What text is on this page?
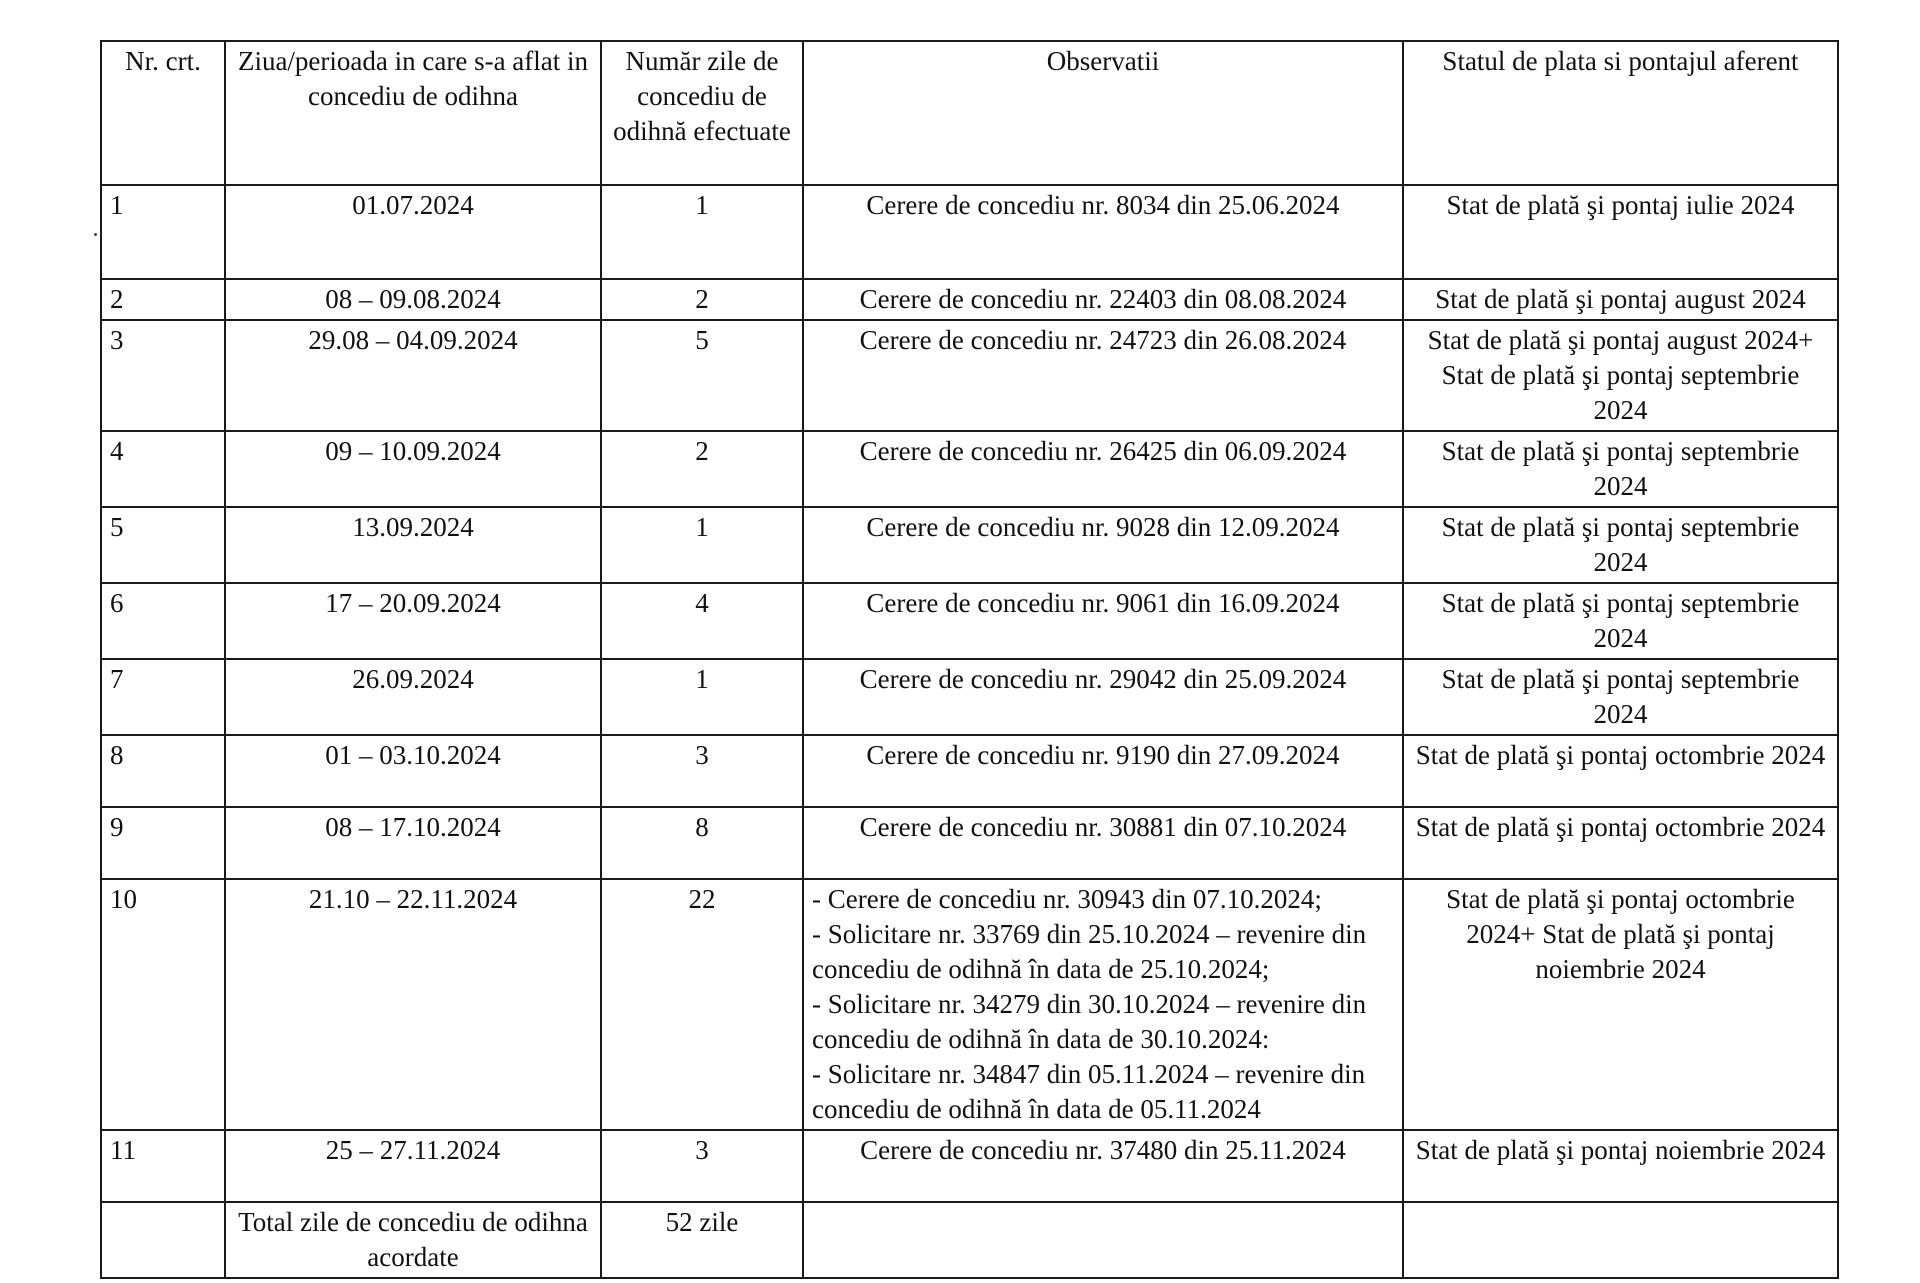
Nr. crt.	Ziua/perioada in care s-a aflat in concediu de odihna	Număr zile de concediu de odihnă efectuate	Observatii	Statul de plata si pontajul aferent
1	01.07.2024	1	Cerere de concediu nr. 8034 din 25.06.2024	Stat de plată şi pontaj iulie 2024
2	08 – 09.08.2024	2	Cerere de concediu nr. 22403 din 08.08.2024	Stat de plată şi pontaj august 2024
3	29.08 – 04.09.2024	5	Cerere de concediu nr. 24723 din 26.08.2024	Stat de plată şi pontaj august 2024+ Stat de plată şi pontaj septembrie 2024
4	09 – 10.09.2024	2	Cerere de concediu nr. 26425 din 06.09.2024	Stat de plată şi pontaj septembrie 2024
5	13.09.2024	1	Cerere de concediu nr. 9028 din 12.09.2024	Stat de plată şi pontaj septembrie 2024
6	17 – 20.09.2024	4	Cerere de concediu nr. 9061 din 16.09.2024	Stat de plată şi pontaj septembrie 2024
7	26.09.2024	1	Cerere de concediu nr. 29042 din 25.09.2024	Stat de plată şi pontaj septembrie 2024
8	01 – 03.10.2024	3	Cerere de concediu nr. 9190 din 27.09.2024	Stat de plată şi pontaj octombrie 2024
9	08 – 17.10.2024	8	Cerere de concediu nr. 30881 din 07.10.2024	Stat de plată şi pontaj octombrie 2024
10	21.10 – 22.11.2024	22	- Cerere de concediu nr. 30943 din 07.10.2024;
- Solicitare nr. 33769 din 25.10.2024 – revenire din concediu de odihnă în data de 25.10.2024;
- Solicitare nr. 34279 din 30.10.2024 – revenire din concediu de odihnă în data de 30.10.2024:
- Solicitare nr. 34847 din 05.11.2024 – revenire din concediu de odihnă în data de 05.11.2024	Stat de plată şi pontaj octombrie 2024+ Stat de plată şi pontaj noiembrie 2024
11	25 – 27.11.2024	3	Cerere de concediu nr. 37480 din 25.11.2024	Stat de plată şi pontaj noiembrie 2024
	Total zile de concediu de odihna acordate	52 zile		
